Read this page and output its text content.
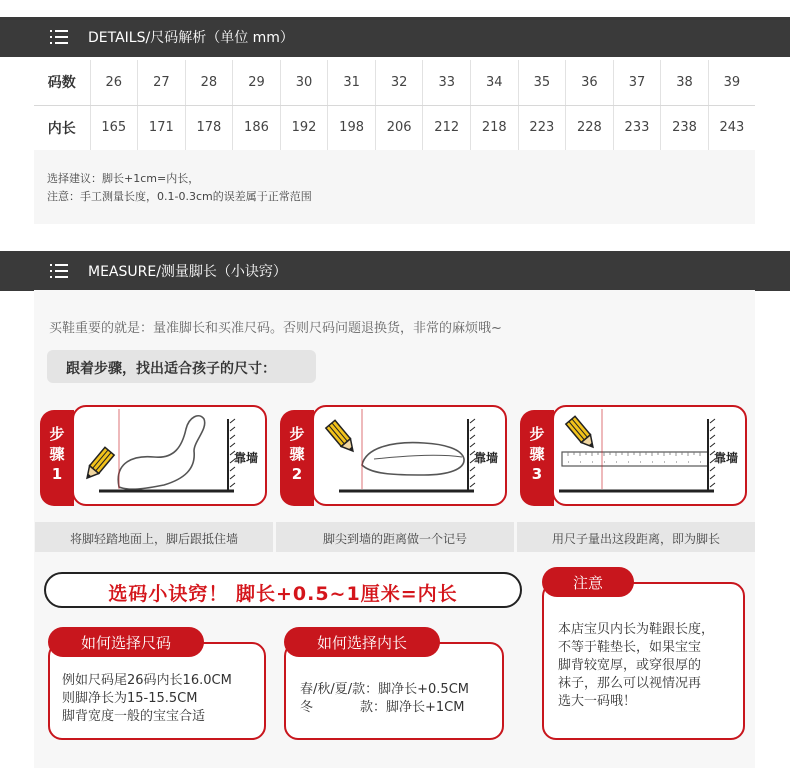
DETAILS/尺码解析（单位 mm）
码数	26	27	28	29	30	31	32	33	34	35	36	37	38	39
内长	165	171	178	186	192	198	206	212	218	223	228	233	238	243
选择建议：脚长+1cm=内长，
注意：手工测量长度，0.1-0.3cm的误差属于正常范围
MEASURE/测量脚长（小诀窍）
买鞋重要的就是：量准脚长和买准尺码。否则尺码问题退换货，非常的麻烦哦~
跟着步骤，找出适合孩子的尺寸：
步
骤
1
靠墙
步
骤
2
靠墙
步
骤
3
靠墙
将脚轻踏地面上，脚后跟抵住墙	脚尖到墙的距离做一个记号	用尺子量出这段距离，即为脚长
选码小诀窍！ 脚长+0.5~1厘米=内长
如何选择尺码
例如尺码尾26码内长16.0CM
则脚净长为15-15.5CM
脚背宽度一般的宝宝合适
如何选择内长
春/秋/夏/款：脚净长+0.5CM
冬	款：脚净长+1CM
注意
本店宝贝内长为鞋跟长度，
不等于鞋垫长，如果宝宝
脚背较宽厚，或穿很厚的
袜子，那么可以视情况再
选大一码哦！
